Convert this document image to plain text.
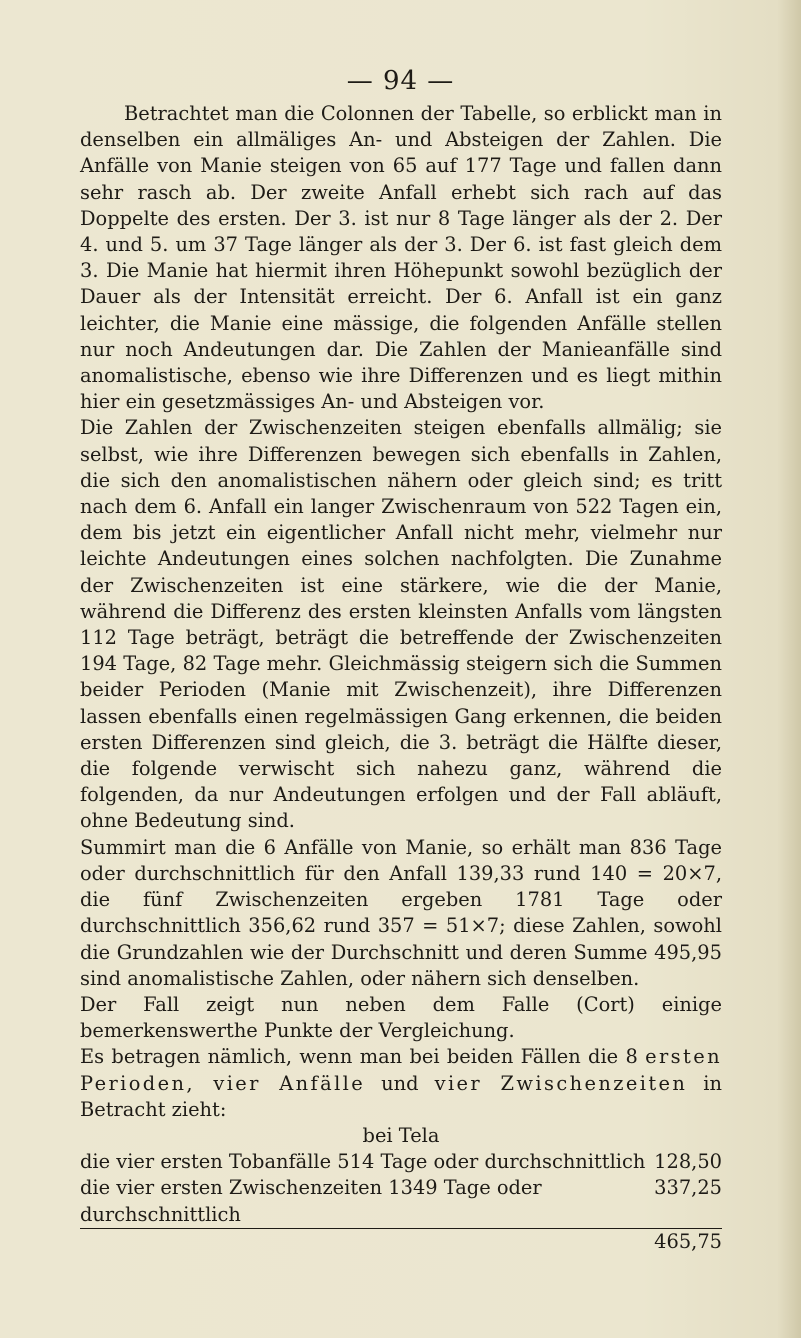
— 94 —

Betrachtet man die Colonnen der Tabelle, so erblickt man in denselben ein allmäliges An- und Absteigen der Zahlen. Die Anfälle von Manie steigen von 65 auf 177 Tage und fallen dann sehr rasch ab. Der zweite Anfall erhebt sich rach auf das Doppelte des ersten. Der 3. ist nur 8 Tage länger als der 2. Der 4. und 5. um 37 Tage länger als der 3. Der 6. ist fast gleich dem 3. Die Manie hat hiermit ihren Höhepunkt sowohl bezüglich der Dauer als der Intensität erreicht. Der 6. Anfall ist ein ganz leichter, die Manie eine mässige, die folgenden Anfälle stellen nur noch Andeutungen dar. Die Zahlen der Manieanfälle sind anomalistische, ebenso wie ihre Differenzen und es liegt mithin hier ein gesetzmässiges An- und Absteigen vor.

Die Zahlen der Zwischenzeiten steigen ebenfalls allmälig; sie selbst, wie ihre Differenzen bewegen sich ebenfalls in Zahlen, die sich den anomalistischen nähern oder gleich sind; es tritt nach dem 6. Anfall ein langer Zwischenraum von 522 Tagen ein, dem bis jetzt ein eigentlicher Anfall nicht mehr, vielmehr nur leichte Andeutungen eines solchen nachfolgten. Die Zunahme der Zwischenzeiten ist eine stärkere, wie die der Manie, während die Differenz des ersten kleinsten Anfalls vom längsten 112 Tage beträgt, beträgt die betreffende der Zwischenzeiten 194 Tage, 82 Tage mehr. Gleichmässig steigern sich die Summen beider Perioden (Manie mit Zwischenzeit), ihre Differenzen lassen ebenfalls einen regelmässigen Gang erkennen, die beiden ersten Differenzen sind gleich, die 3. beträgt die Hälfte dieser, die folgende verwischt sich nahezu ganz, während die folgenden, da nur Andeutungen erfolgen und der Fall abläuft, ohne Bedeutung sind.

Summirt man die 6 Anfälle von Manie, so erhält man 836 Tage oder durchschnittlich für den Anfall 139,33 rund 140 = 20×7, die fünf Zwischenzeiten ergeben 1781 Tage oder durchschnittlich 356,62 rund 357 = 51×7; diese Zahlen, sowohl die Grundzahlen wie der Durchschnitt und deren Summe 495,95 sind anomalistische Zahlen, oder nähern sich denselben.

Der Fall zeigt nun neben dem Falle (Cort) einige bemerkenswerthe Punkte der Vergleichung.

Es betragen nämlich, wenn man bei beiden Fällen die 8 ersten Perioden, vier Anfälle und vier Zwischenzeiten in Betracht zieht:

bei Tela
die vier ersten Tobanfälle 514 Tage oder durchschnittlich 128,50
die vier ersten Zwischenzeiten 1349 Tage oder durchschnittlich
337,25
465,75
